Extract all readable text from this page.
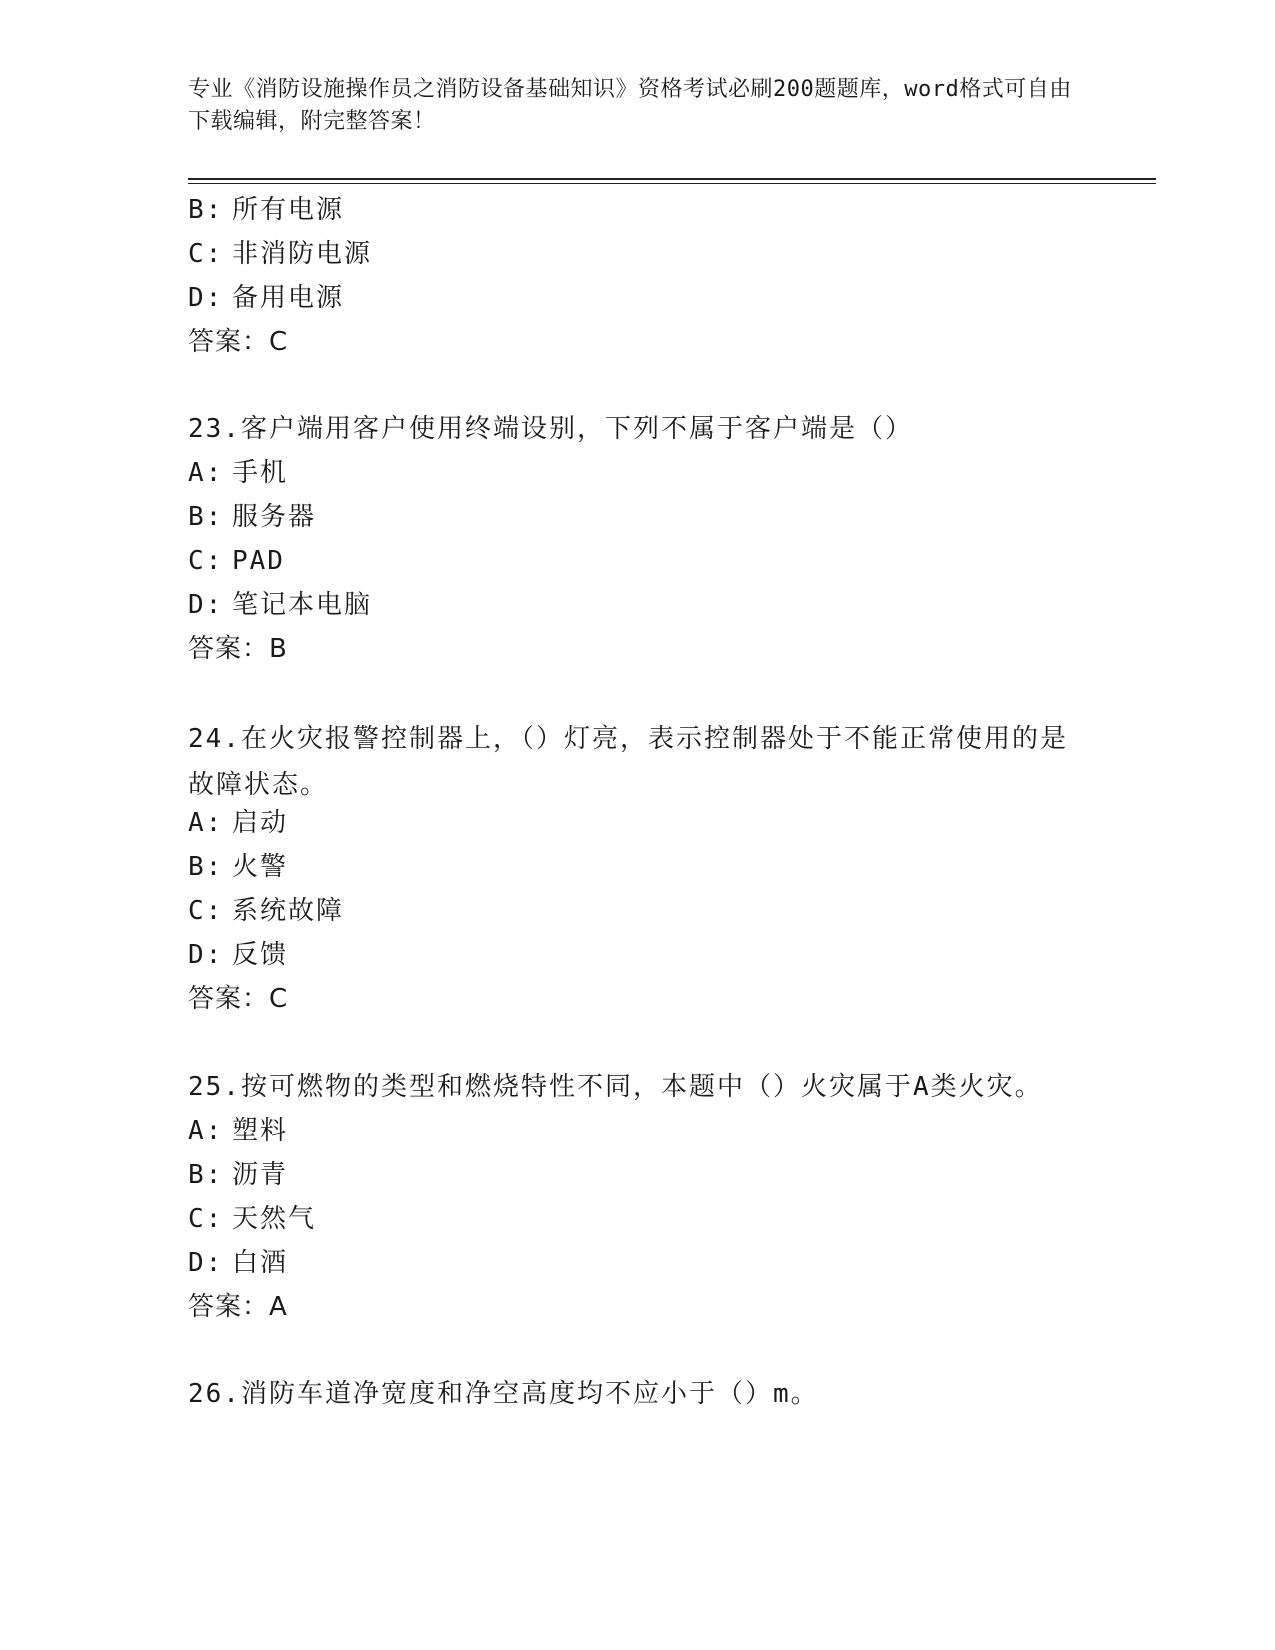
专业《消防设施操作员之消防设备基础知识》资格考试必刷200题题库，word格式可自由下载编辑，附完整答案！
B: 所有电源
C: 非消防电源
D: 备用电源
答案：C
23.客户端用客户使用终端设别，下列不属于客户端是（）
A: 手机
B: 服务器
C: PAD
D: 笔记本电脑
答案：B
24.在火灾报警控制器上，（）灯亮，表示控制器处于不能正常使用的是故障状态。
A: 启动
B: 火警
C: 系统故障
D: 反馈
答案：C
25.按可燃物的类型和燃烧特性不同，本题中（）火灾属于A类火灾。
A: 塑料
B: 沥青
C: 天然气
D: 白酒
答案：A
26.消防车道净宽度和净空高度均不应小于（）m。
